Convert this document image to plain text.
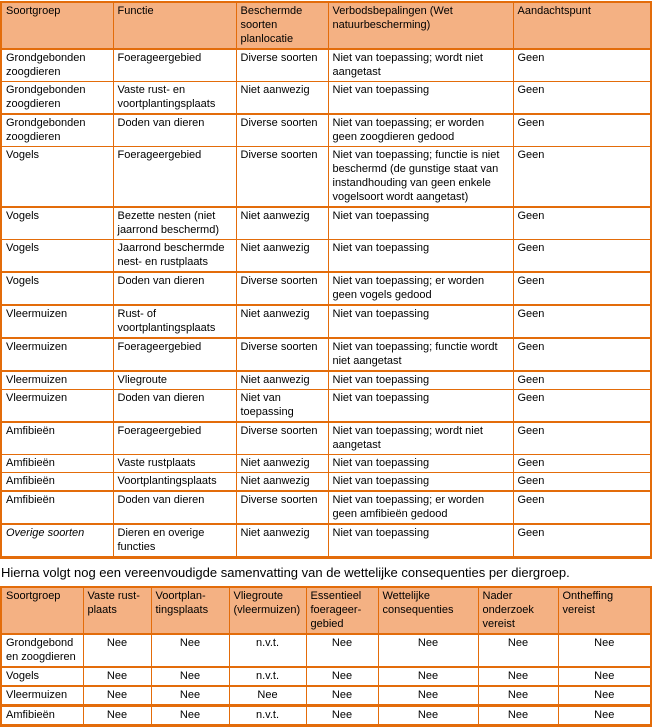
Soortgroep	Functie	Beschermde soorten planlocatie	Verbodsbepalingen (Wet natuurbescherming)	Aandachtspunt
Grondgebonden zoogdieren	Foerageergebied	Diverse soorten	Niet van toepassing; wordt niet aangetast	Geen
Grondgebonden zoogdieren	Vaste rust- en voortplantingsplaats	Niet aanwezig	Niet van toepassing	Geen
Grondgebonden zoogdieren	Doden van dieren	Diverse soorten	Niet van toepassing; er worden geen zoogdieren gedood	Geen
Vogels	Foerageergebied	Diverse soorten	Niet van toepassing; functie is niet beschermd (de gunstige staat van instandhouding van geen enkele vogelsoort wordt aangetast)	Geen
Vogels	Bezette nesten (niet jaarrond beschermd)	Niet aanwezig	Niet van toepassing	Geen
Vogels	Jaarrond beschermde nest- en rustplaats	Niet aanwezig	Niet van toepassing	Geen
Vogels	Doden van dieren	Diverse soorten	Niet van toepassing; er worden geen vogels gedood	Geen
Vleermuizen	Rust- of voortplantingsplaats	Niet aanwezig	Niet van toepassing	Geen
Vleermuizen	Foerageergebied	Diverse soorten	Niet van toepassing; functie wordt niet aangetast	Geen
Vleermuizen	Vliegroute	Niet aanwezig	Niet van toepassing	Geen
Vleermuizen	Doden van dieren	Niet van toepassing	Niet van toepassing	Geen
Amfibieën	Foerageergebied	Diverse soorten	Niet van toepassing; wordt niet aangetast	Geen
Amfibieën	Vaste rustplaats	Niet aanwezig	Niet van toepassing	Geen
Amfibieën	Voortplantingsplaats	Niet aanwezig	Niet van toepassing	Geen
Amfibieën	Doden van dieren	Diverse soorten	Niet van toepassing; er worden geen amfibieën gedood	Geen
Overige soorten	Dieren en overige functies	Niet aanwezig	Niet van toepassing	Geen

Hierna volgt nog een vereenvoudigde samenvatting van de wettelijke consequenties per diergroep.

Soortgroep	Vaste rust-plaats	Voortplan-tingsplaats	Vliegroute (vleermuizen)	Essentieel foerageer-gebied	Wettelijke consequenties	Nader onderzoek vereist	Ontheffing vereist
Grondgebonden zoogdieren	Nee	Nee	n.v.t.	Nee	Nee	Nee	Nee
Vogels	Nee	Nee	n.v.t.	Nee	Nee	Nee	Nee
Vleermuizen	Nee	Nee	Nee	Nee	Nee	Nee	Nee
Amfibieën	Nee	Nee	n.v.t.	Nee	Nee	Nee	Nee
